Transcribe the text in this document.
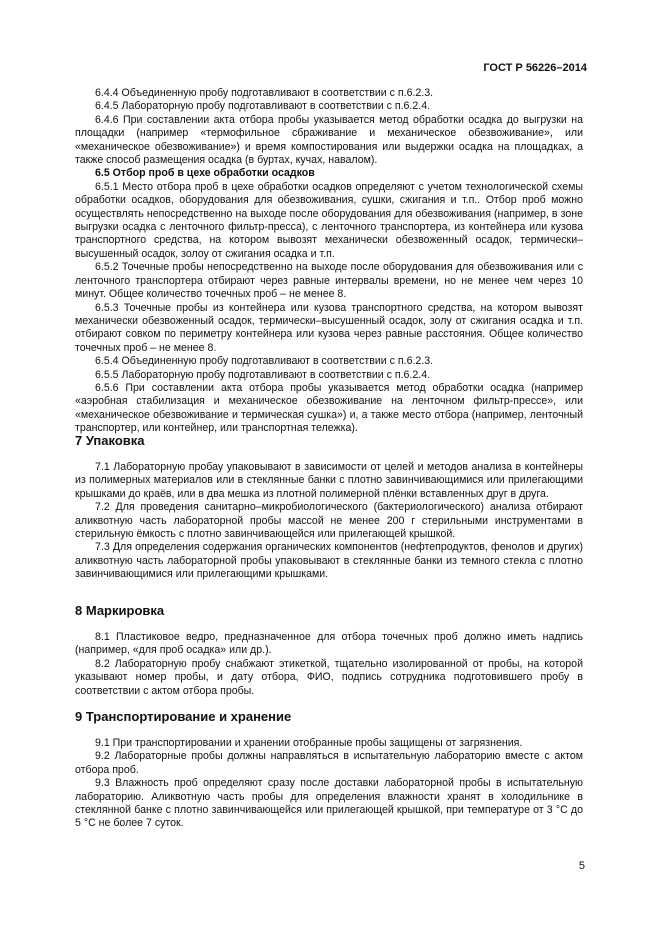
ГОСТ Р 56226–2014

6.4.4 Объединенную пробу подготавливают в соответствии с п.6.2.3.

6.4.5 Лабораторную пробу подготавливают в соответствии с п.6.2.4.

6.4.6 При составлении акта отбора пробы указывается метод обработки осадка до выгрузки на площадки (например «термофильное сбраживание и механическое обезвоживание», или «механическое обезвоживание») и время компостирования или выдержки осадка на площадках, а также способ размещения осадка (в буртах, кучах, навалом).

6.5 Отбор проб в цехе обработки осадков

6.5.1 Место отбора проб в цехе обработки осадков определяют с учетом технологической схемы обработки осадков, оборудования для обезвоживания, сушки, сжигания и т.п.. Отбор проб можно осуществлять непосредственно на выходе после оборудования для обезвоживания (например, в зоне выгрузки осадка с ленточного фильтр-пресса), с ленточного транспортера, из контейнера или кузова транспортного средства, на котором вывозят механически обезвоженный осадок, термически–высушенный осадок, золоу от сжигания осадка и т.п.

6.5.2 Точечные пробы непосредственно на выходе после оборудования для обезвоживания или с ленточного транспортера отбирают через равные интервалы времени, но не менее чем через 10 минут. Общее количество точечных проб – не менее 8.

6.5.3 Точечные пробы из контейнера или кузова транспортного средства, на котором вывозят механически обезвоженный осадок, термически–высушенный осадок, золу от сжигания осадка и т.п. отбирают совком по периметру контейнера или кузова через равные расстояния. Общее количество точечных проб – не менее 8.

6.5.4 Объединенную пробу подготавливают в соответствии с п.6.2.3.

6.5.5 Лабораторную пробу подготавливают в соответствии с п.6.2.4.

6.5.6 При составлении акта отбора пробы указывается метод обработки осадка (например «аэробная стабилизация и механическое обезвоживание на ленточном фильтр-прессе», или «механическое обезвоживание и термическая сушка») и, а также место отбора (например, ленточный транспортер, или контейнер, или транспортная тележка).

7 Упаковка

7.1 Лабораторную пробау упаковывают в зависимости от целей и методов анализа в контейнеры из полимерных материалов или в стеклянные банки с плотно завинчивающимися или прилегающими крышками до краёв, или в два мешка из плотной полимерной плёнки вставленных друг в друга.

7.2 Для проведения санитарно–микробиологического (бактериологического) анализа отбирают аликвотную часть лабораторной пробы массой не менее 200 г стерильными инструментами в стерильную ёмкость с плотно завинчивающейся или прилегающей крышкой.

7.3 Для определения содержания органических компонентов (нефтепродуктов, фенолов и других) аликвотную часть лабораторной пробы упаковывают в стеклянные банки из темного стекла с плотно завинчивающимися или прилегающими крышками.

8 Маркировка

8.1 Пластиковое ведро, предназначенное для отбора точечных проб должно иметь надпись (например, «для проб осадка» или др.).

8.2 Лабораторную пробу снабжают этикеткой, тщательно изолированной от пробы, на которой указывают номер пробы, и дату отбора, ФИО, подпись сотрудника подготовившего пробу в соответствии с актом отбора пробы.

9 Транспортирование и хранение

9.1 При транспортировании и хранении отобранные пробы защищены от загрязнения.

9.2 Лабораторные пробы должны направляться в испытательную лабораторию вместе с актом отбора проб.

9.3 Влажность проб определяют сразу после доставки лабораторной пробы в испытательную лабораторию. Аликвотную часть пробы для определения влажности хранят в холодильнике в стеклянной банке с плотно завинчивающейся или прилегающей крышкой, при температуре от 3 °C до 5 °C не более 7 суток.

5
